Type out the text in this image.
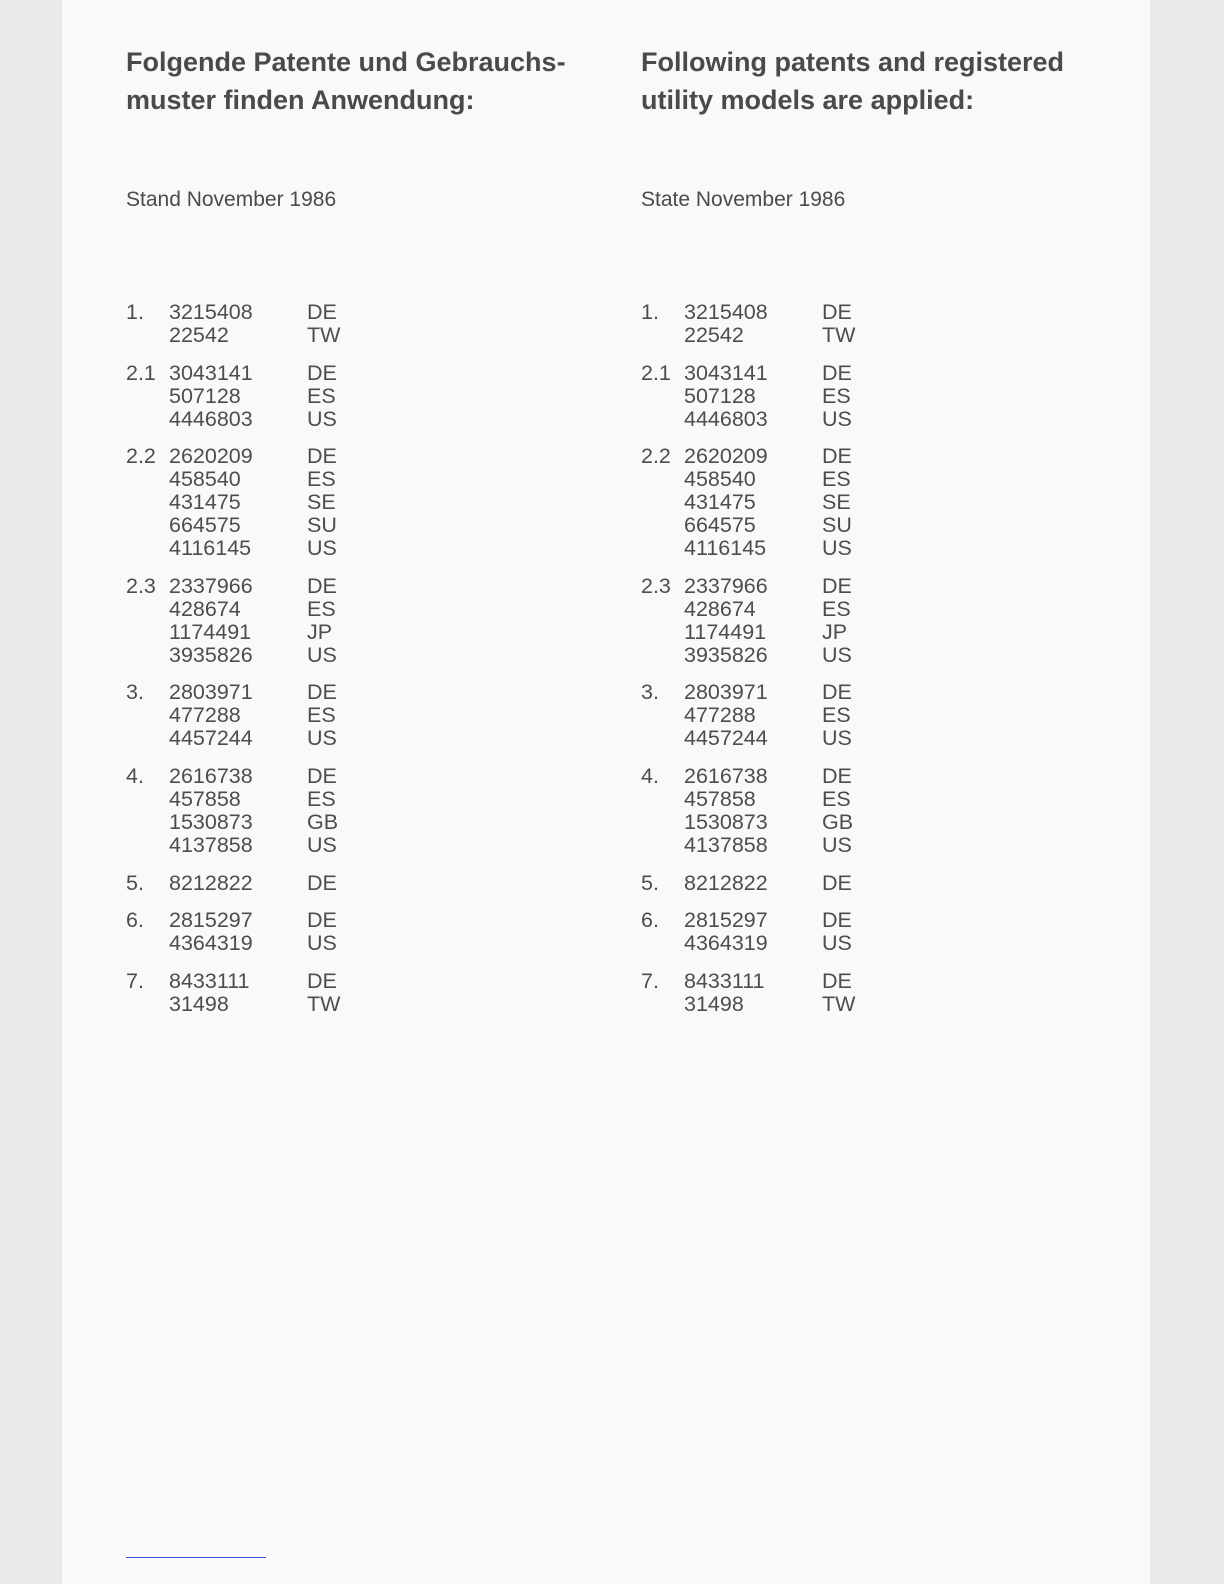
Folgende Patente und Gebrauchs-
muster finden Anwendung:

Stand November 1986

1.	3215408	DE
22542	TW
2.1 3043141	DE
507128	ES
4446803	US
2.2 2620209	DE
458540	ES
431475	SE
664575	SU
4116145	US
2.3 2337966	DE
428674	ES
1174491	JP
3935826	US
3.	2803971	DE
477288	ES
4457244	US
4.	2616738	DE
457858	ES
1530873	GB
4137858	US
5.	8212822	DE
6.	2815297	DE
4364319	US
7.	8433111	DE
31498	TW
Following patents and registered
utility models are applied:

State November 1986

1.	3215408	DE
22542	TW
2.1 3043141	DE
507128	ES
4446803	US
2.2 2620209	DE
458540	ES
431475	SE
664575	SU
4116145	US
2.3 2337966	DE
428674	ES
1174491	JP
3935826	US
3.	2803971	DE
477288	ES
4457244	US
4.	2616738	DE
457858	ES
1530873	GB
4137858	US
5.	8212822	DE
6.	2815297	DE
4364319	US
7.	8433111	DE
31498	TW
